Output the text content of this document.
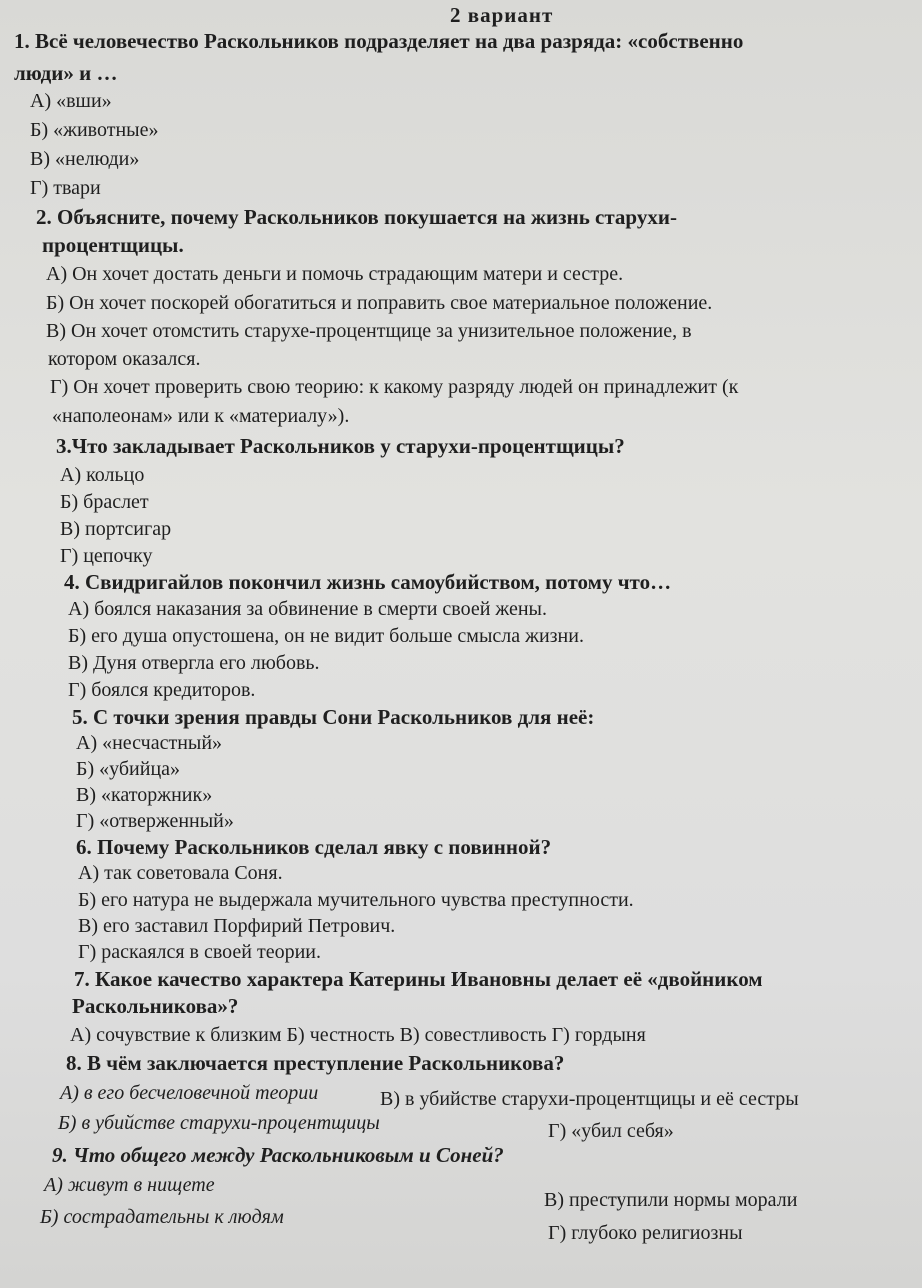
2 вариант
1. Всё человечество Раскольников подразделяет на два разряда: «собственно
люди» и …
А) «вши»
Б) «животные»
В) «нелюди»
Г) твари
2. Объясните, почему Раскольников покушается на жизнь старухи-
процентщицы.
А) Он хочет достать деньги и помочь страдающим матери и сестре.
Б) Он хочет поскорей обогатиться и поправить свое материальное положение.
В) Он хочет отомстить старухе-процентщице за унизительное положение, в
котором оказался.
Г) Он хочет проверить свою теорию: к какому разряду людей он принадлежит (к
«наполеонам» или к «материалу»).
3.Что закладывает Раскольников у старухи-процентщицы?
А) кольцо
Б) браслет
В) портсигар
Г) цепочку
4. Свидригайлов покончил жизнь самоубийством, потому что…
А) боялся наказания за обвинение в смерти своей жены.
Б) его душа опустошена, он не видит больше смысла жизни.
В) Дуня отвергла его любовь.
Г) боялся кредиторов.
5. С точки зрения правды Сони Раскольников для неё:
А) «несчастный»
Б) «убийца»
В) «каторжник»
Г) «отверженный»
6. Почему Раскольников сделал явку с повинной?
А) так советовала Соня.
Б) его натура не выдержала мучительного чувства преступности.
В) его заставил Порфирий Петрович.
Г) раскаялся в своей теории.
7. Какое качество характера Катерины Ивановны делает её «двойником
Раскольникова»?
А) сочувствие к близким Б) честность В) совестливость Г) гордыня
8. В чём заключается преступление Раскольникова?
А) в его бесчеловечной теории	В) в убийстве старухи-процентщицы и её сестры
Б) в убийстве старухи-процентщицы	Г) «убил себя»
9. Что общего между Раскольниковым и Соней?
А) живут в нищете
В) преступили нормы морали
Б) сострадательны к людям
Г) глубоко религиозны
